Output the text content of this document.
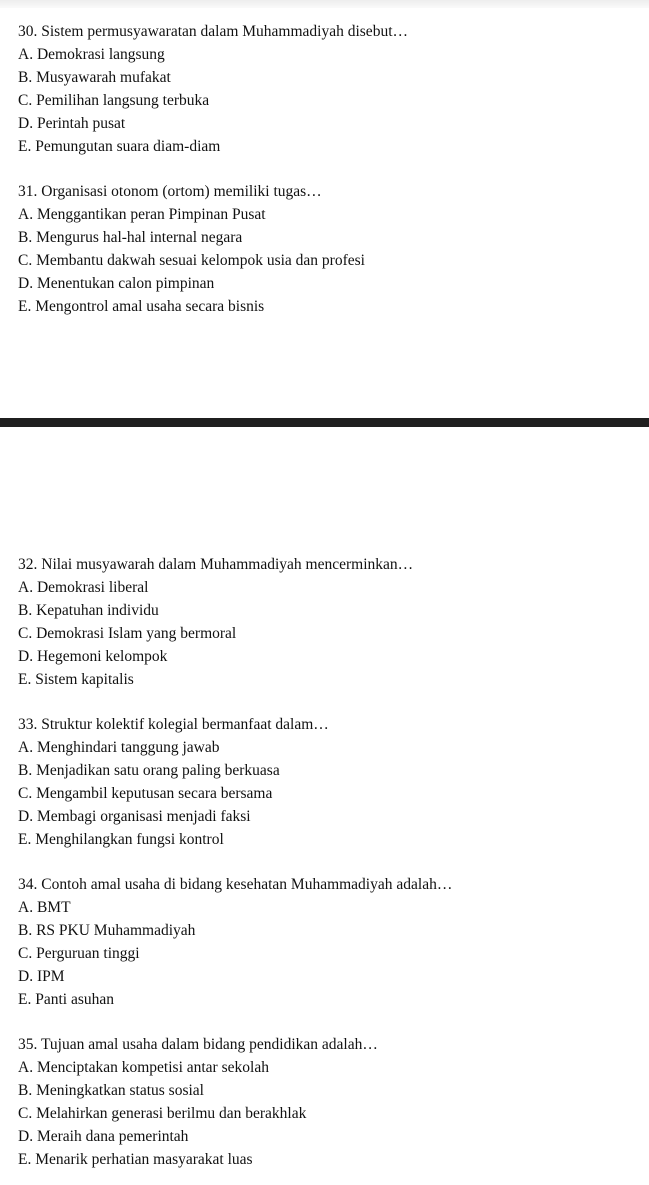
30. Sistem permusyawaratan dalam Muhammadiyah disebut…
A. Demokrasi langsung
B. Musyawarah mufakat
C. Pemilihan langsung terbuka
D. Perintah pusat
E. Pemungutan suara diam-diam
31. Organisasi otonom (ortom) memiliki tugas…
A. Menggantikan peran Pimpinan Pusat
B. Mengurus hal-hal internal negara
C. Membantu dakwah sesuai kelompok usia dan profesi
D. Menentukan calon pimpinan
E. Mengontrol amal usaha secara bisnis
32. Nilai musyawarah dalam Muhammadiyah mencerminkan…
A. Demokrasi liberal
B. Kepatuhan individu
C. Demokrasi Islam yang bermoral
D. Hegemoni kelompok
E. Sistem kapitalis
33. Struktur kolektif kolegial bermanfaat dalam…
A. Menghindari tanggung jawab
B. Menjadikan satu orang paling berkuasa
C. Mengambil keputusan secara bersama
D. Membagi organisasi menjadi faksi
E. Menghilangkan fungsi kontrol
34. Contoh amal usaha di bidang kesehatan Muhammadiyah adalah…
A. BMT
B. RS PKU Muhammadiyah
C. Perguruan tinggi
D. IPM
E. Panti asuhan
35. Tujuan amal usaha dalam bidang pendidikan adalah…
A. Menciptakan kompetisi antar sekolah
B. Meningkatkan status sosial
C. Melahirkan generasi berilmu dan berakhlak
D. Meraih dana pemerintah
E. Menarik perhatian masyarakat luas
